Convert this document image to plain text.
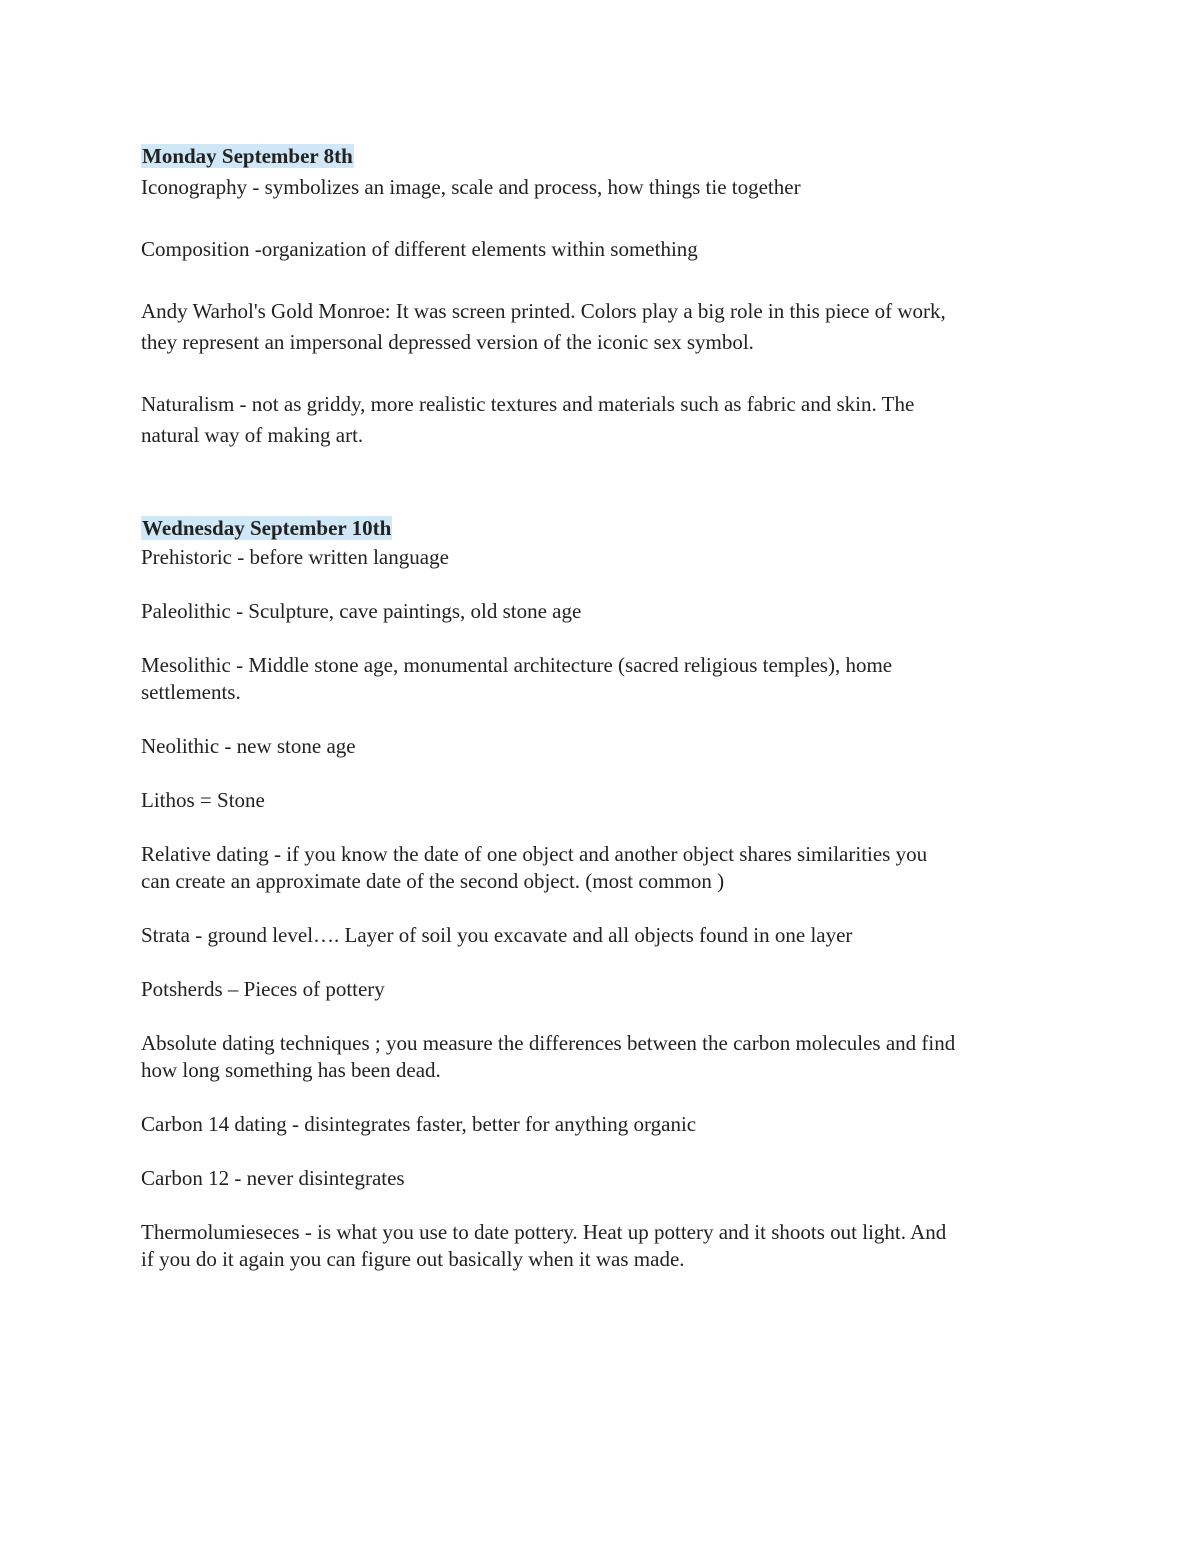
Monday September 8th
Iconography - symbolizes an image, scale and process, how things tie together
Composition -organization of different elements within something
Andy Warhol's Gold Monroe: It was screen printed. Colors play a big role in this piece of work,
they represent an impersonal depressed version of the iconic sex symbol.
Naturalism - not as griddy, more realistic textures and materials such as fabric and skin. The
natural way of making art.
Wednesday September 10th
Prehistoric - before written language
Paleolithic - Sculpture, cave paintings, old stone age
Mesolithic - Middle stone age, monumental architecture (sacred religious temples), home
settlements.
Neolithic - new stone age
Lithos = Stone
Relative dating - if you know the date of one object and another object shares similarities you
can create an approximate date of the second object. (most common )
Strata - ground level…. Layer of soil you excavate and all objects found in one layer
Potsherds – Pieces of pottery
Absolute dating techniques ; you measure the differences between the carbon molecules and find
how long something has been dead.
Carbon 14 dating - disintegrates faster, better for anything organic
Carbon 12 - never disintegrates
Thermolumieseces - is what you use to date pottery. Heat up pottery and it shoots out light. And
if you do it again you can figure out basically when it was made.
